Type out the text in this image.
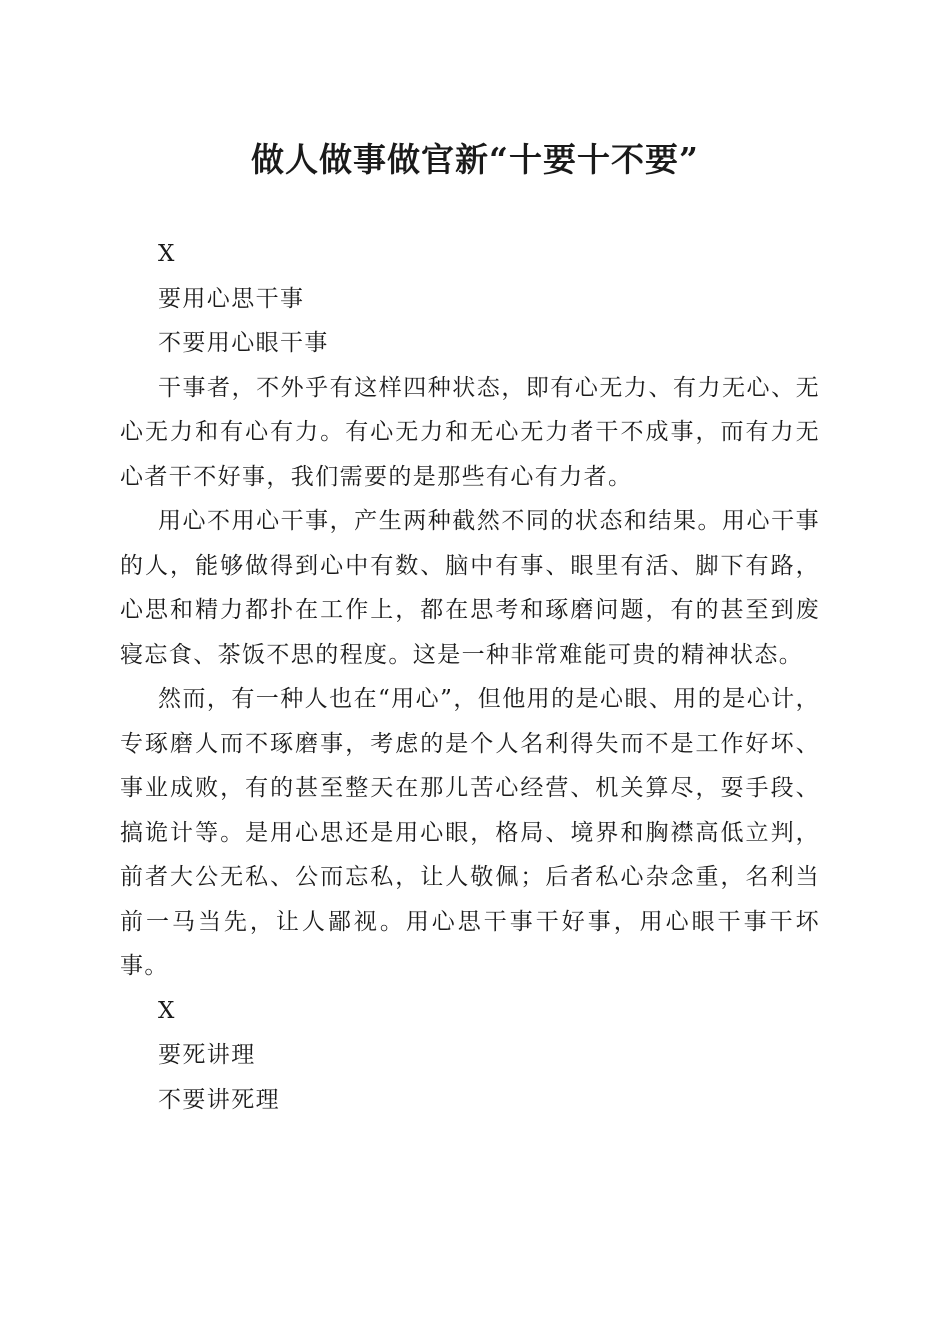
做人做事做官新“十要十不要”

X

要用心思干事

不要用心眼干事

干事者，不外乎有这样四种状态，即有心无力、有力无心、无心无力和有心有力。有心无力和无心无力者干不成事，而有力无心者干不好事，我们需要的是那些有心有力者。

用心不用心干事，产生两种截然不同的状态和结果。用心干事的人，能够做得到心中有数、脑中有事、眼里有活、脚下有路，心思和精力都扑在工作上，都在思考和琢磨问题，有的甚至到废寝忘食、茶饭不思的程度。这是一种非常难能可贵的精神状态。

然而，有一种人也在“用心”，但他用的是心眼、用的是心计，专琢磨人而不琢磨事，考虑的是个人名利得失而不是工作好坏、事业成败，有的甚至整天在那儿苦心经营、机关算尽，耍手段、搞诡计等。是用心思还是用心眼，格局、境界和胸襟高低立判，前者大公无私、公而忘私，让人敬佩；后者私心杂念重，名利当前一马当先，让人鄙视。用心思干事干好事，用心眼干事干坏事。

X

要死讲理

不要讲死理
